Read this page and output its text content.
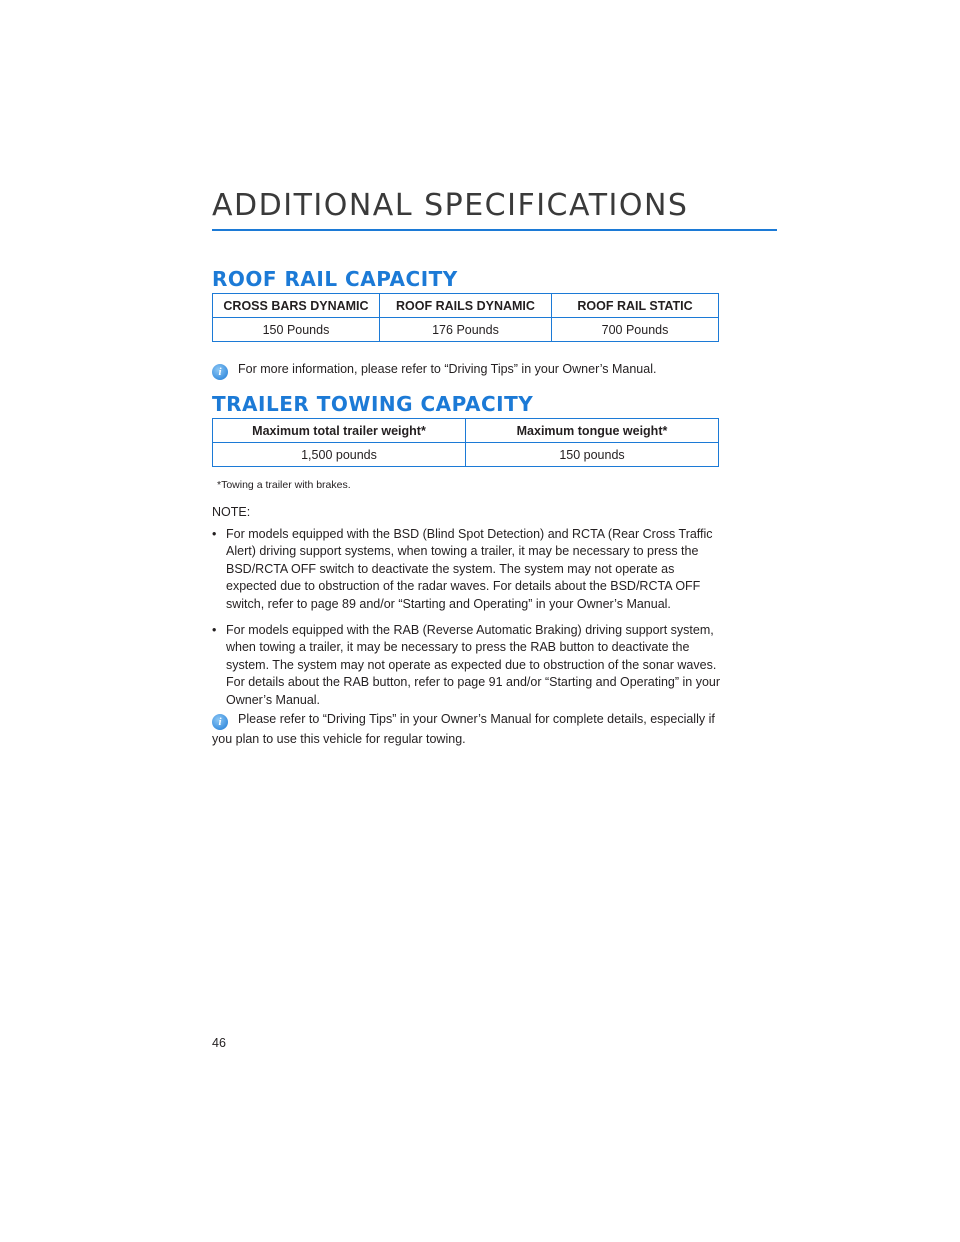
ADDITIONAL SPECIFICATIONS
ROOF RAIL CAPACITY
CROSS BARS DYNAMIC	ROOF RAILS DYNAMIC	ROOF RAIL STATIC
150 Pounds	176 Pounds	700 Pounds
i For more information, please refer to “Driving Tips” in your Owner’s Manual.
TRAILER TOWING CAPACITY
Maximum total trailer weight*	Maximum tongue weight*
1,500 pounds	150 pounds
*Towing a trailer with brakes.
NOTE:
• For models equipped with the BSD (Blind Spot Detection) and RCTA (Rear Cross Traffic Alert) driving support systems, when towing a trailer, it may be necessary to press the BSD/RCTA OFF switch to deactivate the system. The system may not operate as expected due to obstruction of the radar waves. For details about the BSD/RCTA OFF switch, refer to page 89 and/or “Starting and Operating” in your Owner’s Manual.
• For models equipped with the RAB (Reverse Automatic Braking) driving support system, when towing a trailer, it may be necessary to press the RAB button to deactivate the system. The system may not operate as expected due to obstruction of the sonar waves. For details about the RAB button, refer to page 91 and/or “Starting and Operating” in your Owner’s Manual.
i Please refer to “Driving Tips” in your Owner’s Manual for complete details, especially if you plan to use this vehicle for regular towing.
46
